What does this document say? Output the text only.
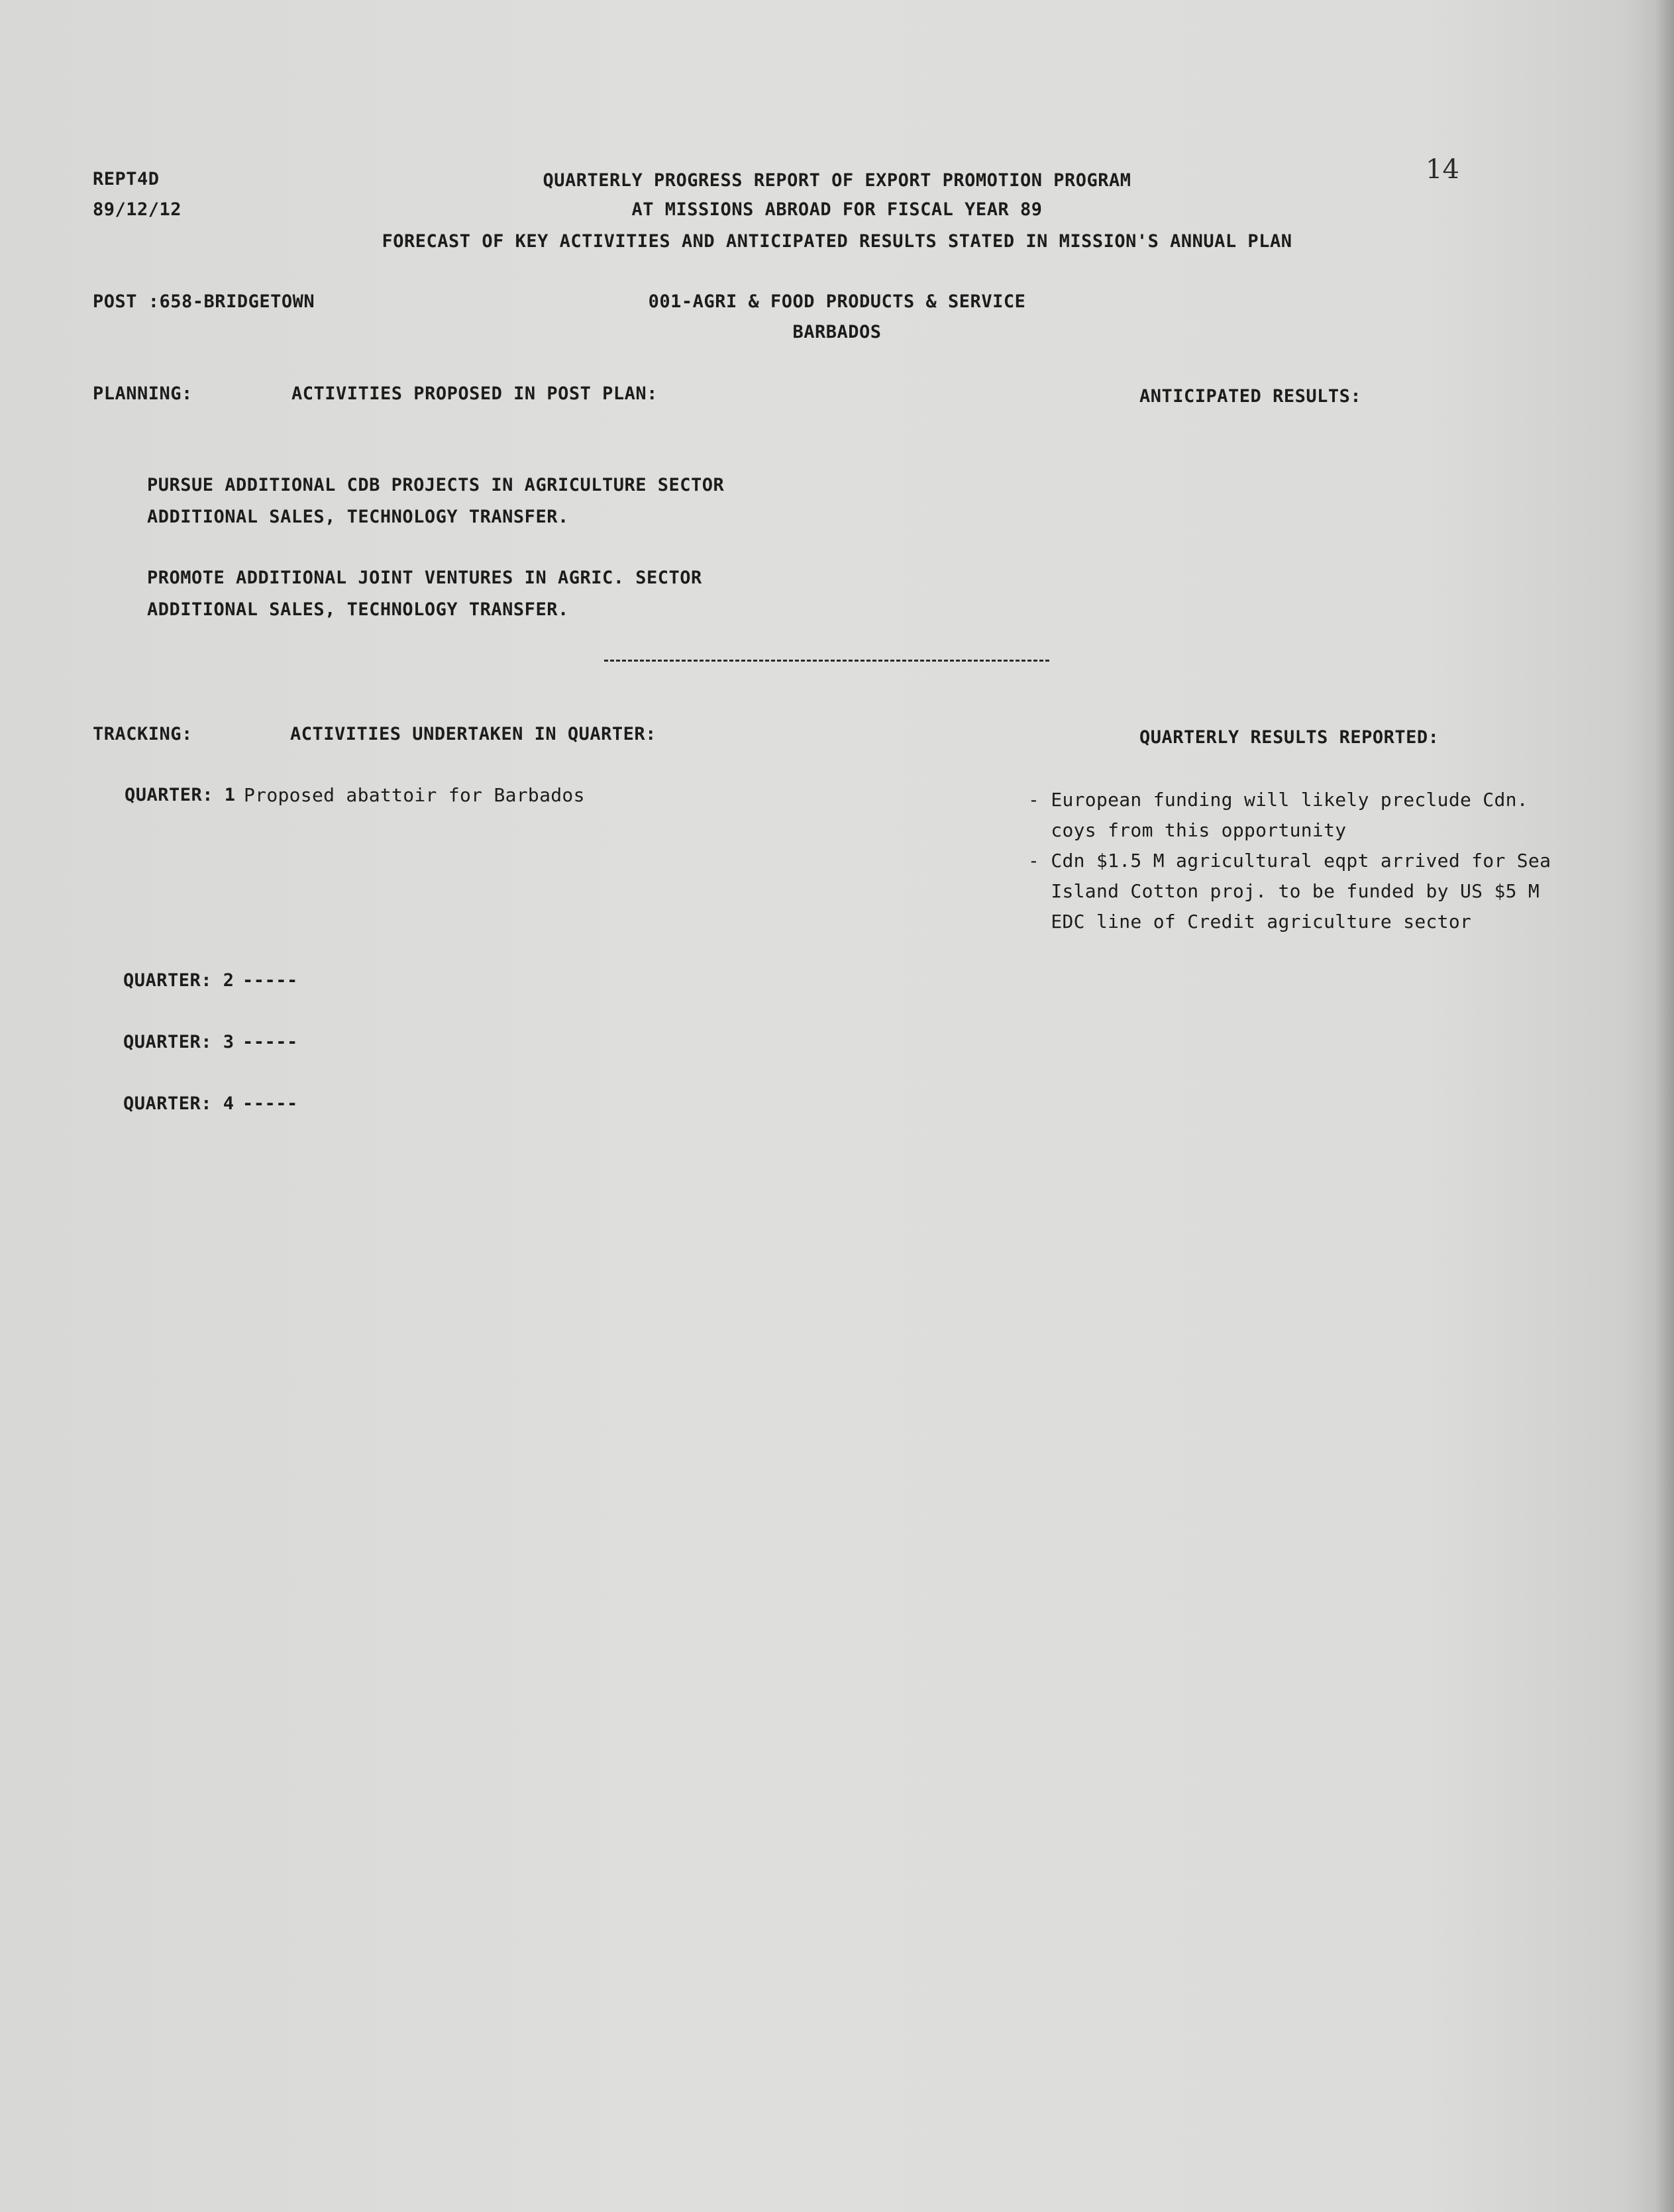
REPT4D
89/12/12
14
QUARTERLY PROGRESS REPORT OF EXPORT PROMOTION PROGRAM
AT MISSIONS ABROAD FOR FISCAL YEAR 89
FORECAST OF KEY ACTIVITIES AND ANTICIPATED RESULTS STATED IN MISSION'S ANNUAL PLAN
POST :658-BRIDGETOWN	001-AGRI & FOOD PRODUCTS & SERVICE
BARBADOS
PLANNING:	ACTIVITIES PROPOSED IN POST PLAN:	ANTICIPATED RESULTS:
PURSUE ADDITIONAL CDB PROJECTS IN AGRICULTURE SECTOR
ADDITIONAL SALES, TECHNOLOGY TRANSFER.
PROMOTE ADDITIONAL JOINT VENTURES IN AGRIC. SECTOR
ADDITIONAL SALES, TECHNOLOGY TRANSFER.
TRACKING:	ACTIVITIES UNDERTAKEN IN QUARTER:	QUARTERLY RESULTS REPORTED:
QUARTER: 1 Proposed abattoir for Barbados	- European funding will likely preclude Cdn.
coys from this opportunity
- Cdn $1.5 M agricultural eqpt arrived for Sea
Island Cotton proj. to be funded by US $5 M
EDC line of Credit agriculture sector
QUARTER: 2 -----
QUARTER: 3 -----
QUARTER: 4 -----
